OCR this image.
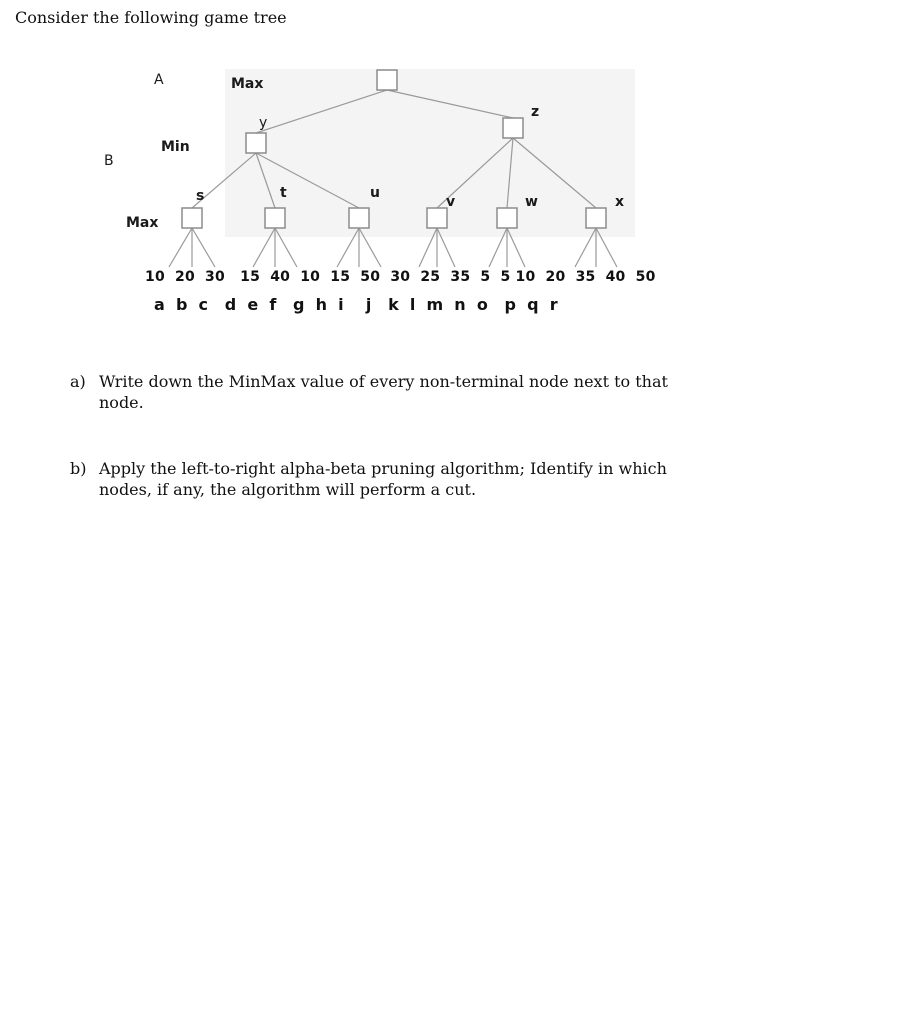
Consider the following game tree
A
B
Max
Min
Max
y
z
s	t	u
v	w	x
10  20  30   15  40  10  15  50  30  25  35  5  5 10  20  35  40  50
a  b  c   d  e  f   g  h  i    j   k  l  m  n  o   p  q  r
a) Write down the MinMax value of every non-terminal node next to that node.
b) Apply the left-to-right alpha-beta pruning algorithm; Identify in which nodes, if any, the algorithm will perform a cut.
